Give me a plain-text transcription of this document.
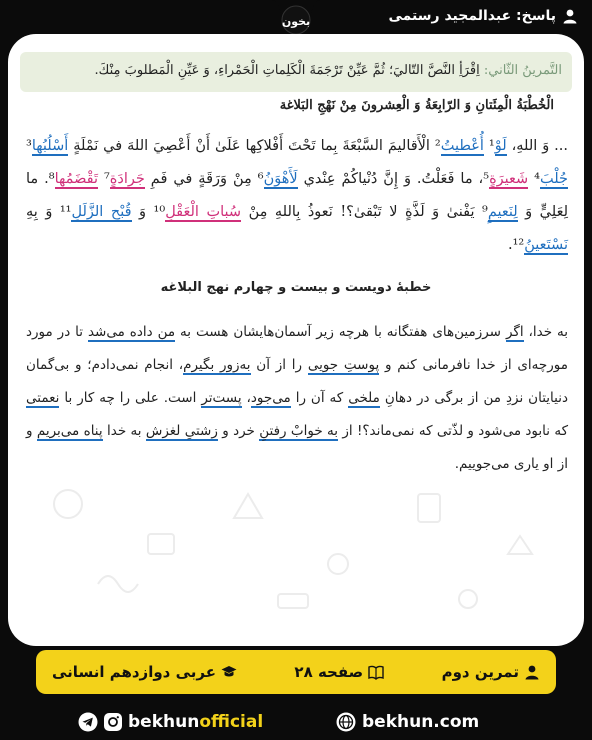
پاسخ: عبدالمجید رستمی
بخون
التَّمرینُ الثّاني: اِقْرَأِ النَّصَّ التّاليَ؛ ثُمَّ عَيِّنْ تَرْجَمَةَ الْكَلِماتِ الْحَمْراءِ، وَ عَيِّنِ الْمَطلوبَ مِنْكَ.
الْخُطْبَةُ الْمِئَتانِ وَ الرّابِعَةُ وَ الْعِشرونَ مِنْ نَهْجِ البَلاغة
... وَ اللهِ، لَوْ¹ أُعْطيتُ² الْأَقاليمَ السَّبْعَةَ بِما تَحْتَ أَفْلاكِها عَلَىٰ أَنْ أَعْصِيَ اللهَ في نَمْلَةٍ أَسْلُبُها³ جُلْبَ⁴ شَعيرَةٍ⁵، ما فَعَلْتُ. وَ إِنَّ دُنْياكُمْ عِنْدي لَأَهْوَنُ⁶ مِنْ وَرَقَةٍ في فَمِ جَرادَةٍ⁷ تَقْضَمُها⁸. ما لِعَلِيٍّ وَ لِنَعيمٍ⁹ يَفْنىٰ وَ لَذَّةٍ لا تَبْقىٰ؟! نَعوذُ بِاللهِ مِنْ سُباتِ الْعَقْلِ¹⁰ وَ قُبْحِ الزَّلَلِ¹¹ وَ بِهِ نَسْتَعينُ¹².
خطبۀ دویست و بیست و چهارم نهج البلاغه
به خدا، اگر سرزمین‌های هفتگانه با هرچه زیر آسمان‌هایشان هست به من داده می‌شد تا در مورد مورچه‌ای از خدا نافرمانی کنم و پوستِ جویی را از آن به‌زور بگیرم، انجام نمی‌دادم؛ و بی‌گمان دنیایتان نزدِ من از برگی در دهانِ ملخی که آن را می‌جود، پست‌تر است. علی را چه کار با نعمتی که نابود می‌شود و لذّتی که نمی‌ماند؟! از به خوابْ رفتنِ خرد و زشتیِ لغزش به خدا پناه می‌بریم و از او یاری می‌جوییم.
تمرین دوم
صفحه ۲۸
عربی دوازدهم انسانی
bekhunofficial	bekhun.com
